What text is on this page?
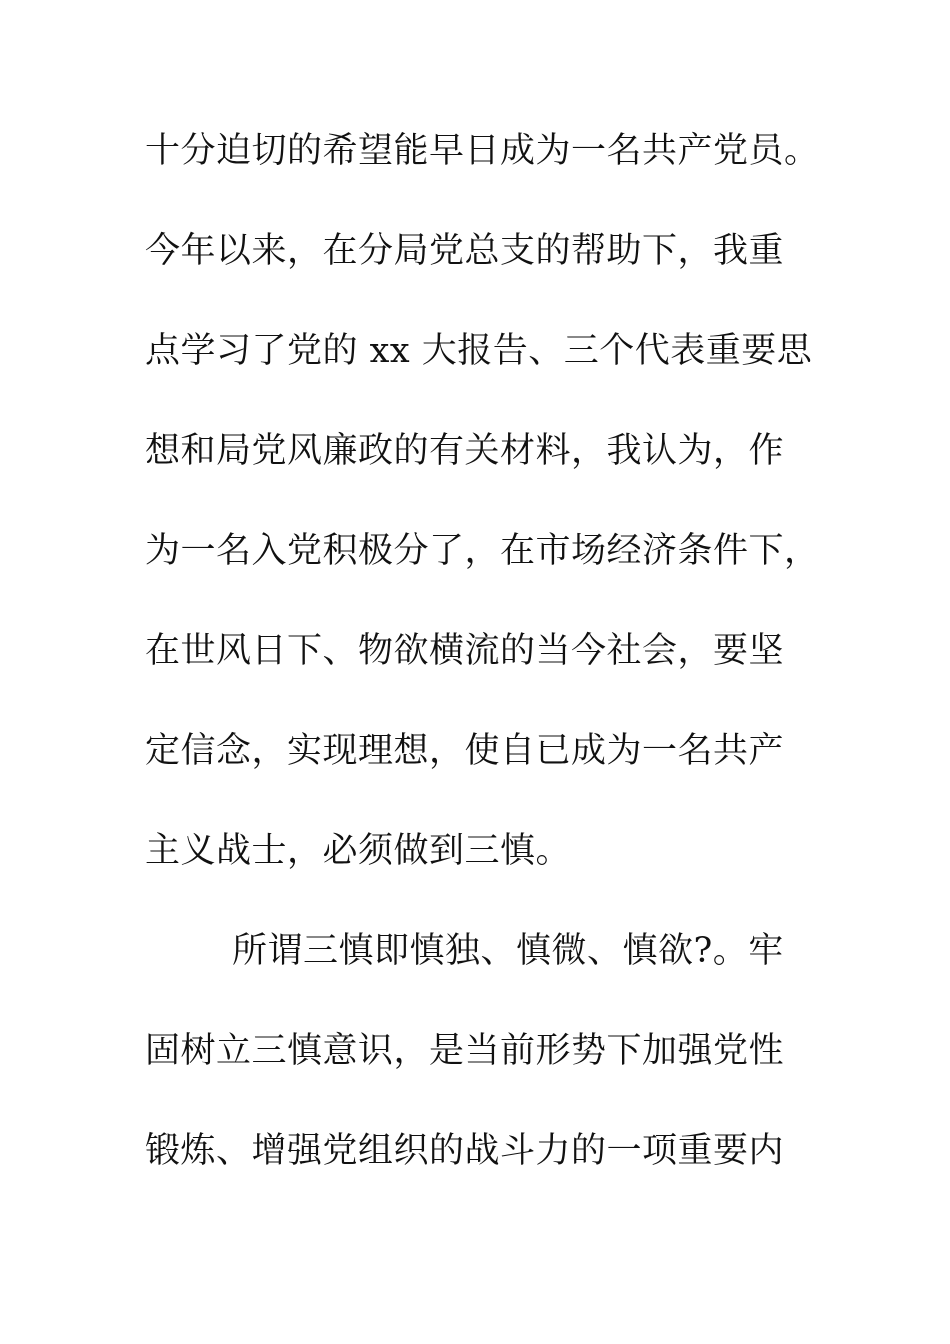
十分迫切的希望能早日成为一名共产党员。
今年以来，在分局党总支的帮助下，我重
点学习了党的 xx 大报告、三个代表重要思
想和局党风廉政的有关材料，我认为，作
为一名入党积极分了，在市场经济条件下，
在世风日下、物欲横流的当今社会，要坚
定信念，实现理想，使自已成为一名共产
主义战士，必须做到三慎。
所谓三慎即慎独、慎微、慎欲?。牢
固树立三慎意识，是当前形势下加强党性
锻炼、增强党组织的战斗力的一项重要内
